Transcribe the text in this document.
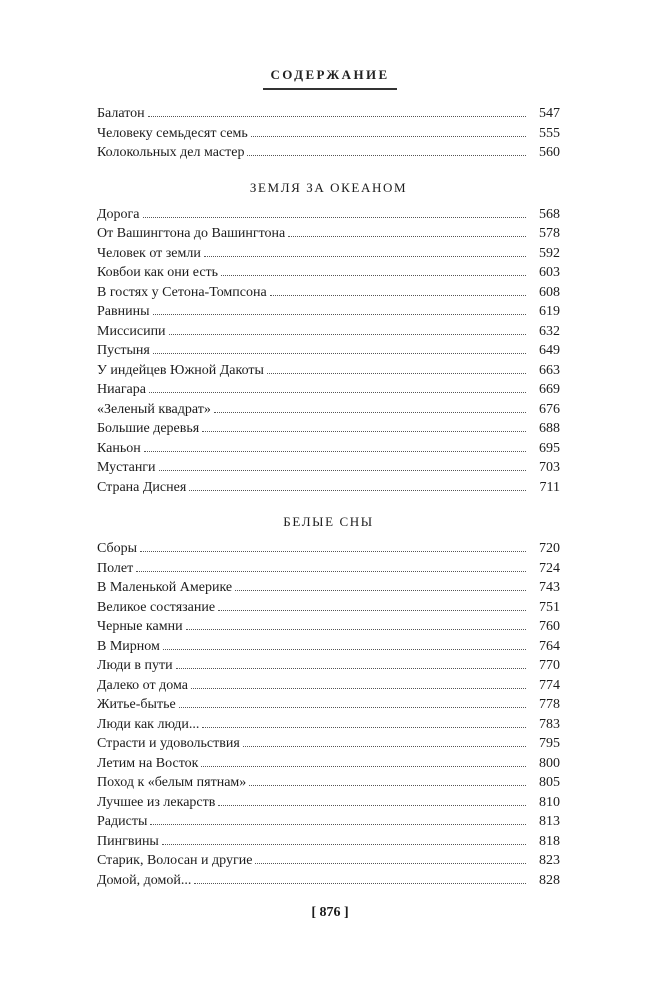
СОДЕРЖАНИЕ
Балатон	547
Человеку семьдесят семь	555
Колокольных дел мастер	560
ЗЕМЛЯ ЗА ОКЕАНОМ
Дорога	568
От Вашингтона до Вашингтона	578
Человек от земли	592
Ковбои как они есть	603
В гостях у Сетона-Томпсона	608
Равнины	619
Миссисипи	632
Пустыня	649
У индейцев Южной Дакоты	663
Ниагара	669
«Зеленый квадрат»	676
Большие деревья	688
Каньон	695
Мустанги	703
Страна Диснея	711
БЕЛЫЕ СНЫ
Сборы	720
Полет	724
В Маленькой Америке	743
Великое состязание	751
Черные камни	760
В Мирном	764
Люди в пути	770
Далеко от дома	774
Житье-бытье	778
Люди как люди...	783
Страсти и удовольствия	795
Летим на Восток	800
Поход к «белым пятнам»	805
Лучшее из лекарств	810
Радисты	813
Пингвины	818
Старик, Волосан и другие	823
Домой, домой...	828
[ 876 ]
